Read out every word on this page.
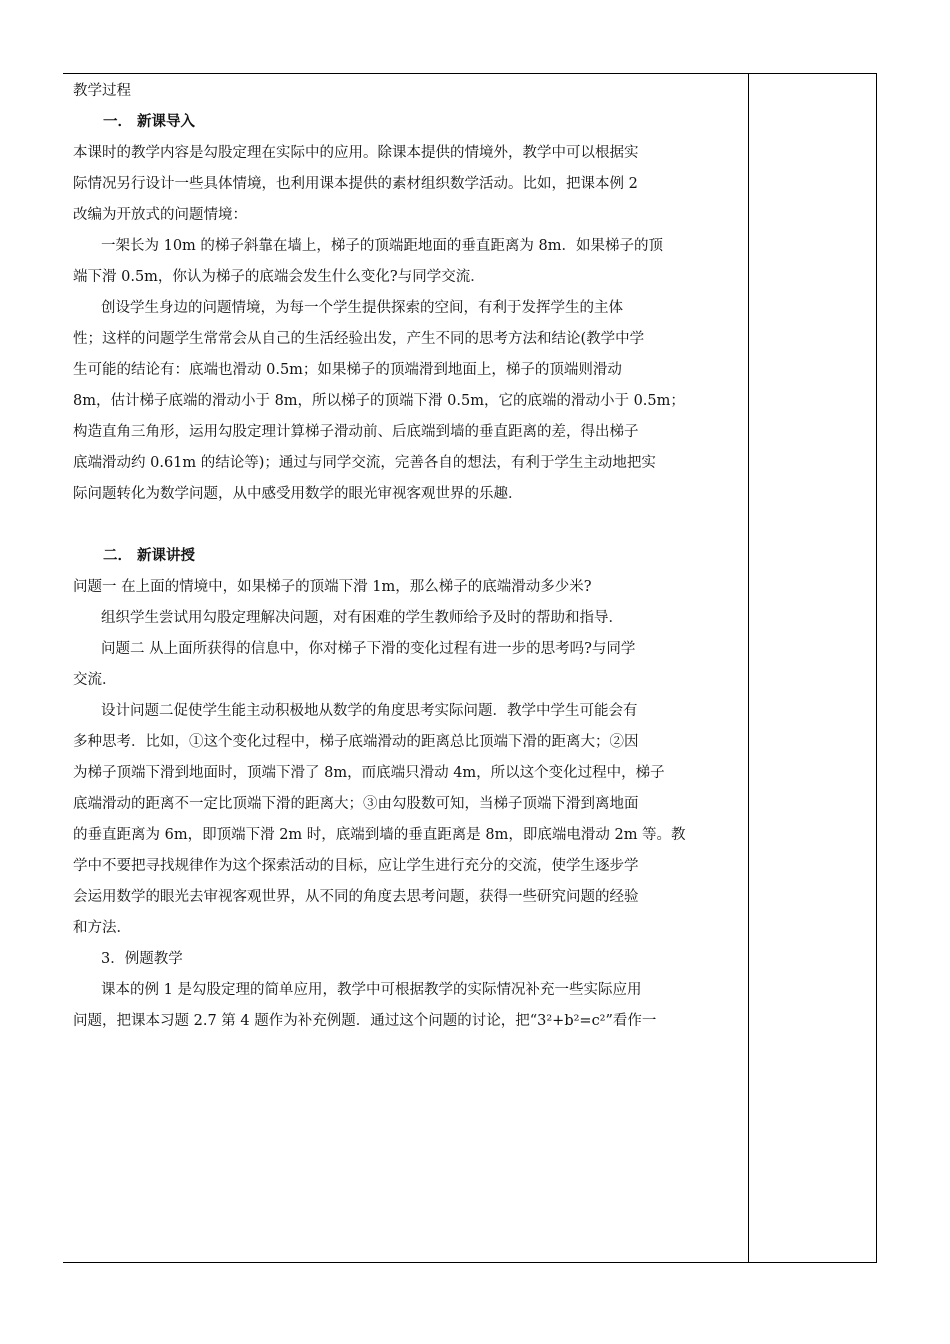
教学过程
一． 新课导入
本课时的教学内容是勾股定理在实际中的应用。除课本提供的情境外，教学中可以根据实
际情况另行设计一些具体情境，也利用课本提供的素材组织数学活动。比如，把课本例 2
改编为开放式的问题情境：
一架长为 10m 的梯子斜靠在墙上，梯子的顶端距地面的垂直距离为 8m．如果梯子的顶
端下滑 0.5m，你认为梯子的底端会发生什么变化?与同学交流．
创设学生身边的问题情境，为每一个学生提供探索的空间，有利于发挥学生的主体
性；这样的问题学生常常会从自己的生活经验出发，产生不同的思考方法和结论(教学中学
生可能的结论有：底端也滑动 0.5m；如果梯子的顶端滑到地面上，梯子的顶端则滑动
8m，估计梯子底端的滑动小于 8m，所以梯子的顶端下滑 0.5m，它的底端的滑动小于 0.5m；
构造直角三角形，运用勾股定理计算梯子滑动前、后底端到墙的垂直距离的差，得出梯子
底端滑动约 0.61m 的结论等)；通过与同学交流，完善各自的想法，有利于学生主动地把实
际问题转化为数学问题，从中感受用数学的眼光审视客观世界的乐趣．
二． 新课讲授
问题一 在上面的情境中，如果梯子的顶端下滑 1m，那么梯子的底端滑动多少米?
组织学生尝试用勾股定理解决问题，对有困难的学生教师给予及时的帮助和指导．
问题二 从上面所获得的信息中，你对梯子下滑的变化过程有进一步的思考吗?与同学
交流．
设计问题二促使学生能主动积极地从数学的角度思考实际问题．教学中学生可能会有
多种思考．比如，①这个变化过程中，梯子底端滑动的距离总比顶端下滑的距离大；②因
为梯子顶端下滑到地面时，顶端下滑了 8m，而底端只滑动 4m，所以这个变化过程中，梯子
底端滑动的距离不一定比顶端下滑的距离大；③由勾股数可知，当梯子顶端下滑到离地面
的垂直距离为 6m，即顶端下滑 2m 时，底端到墙的垂直距离是 8m，即底端电滑动 2m 等。教
学中不要把寻找规律作为这个探索活动的目标，应让学生进行充分的交流，使学生逐步学
会运用数学的眼光去审视客观世界，从不同的角度去思考问题，获得一些研究问题的经验
和方法．
3．例题教学
课本的例 1 是勾股定理的简单应用，教学中可根据教学的实际情况补充一些实际应用
问题，把课本习题 2.7 第 4 题作为补充例题．通过这个问题的讨论，把“3²+b²=c²”看作一
